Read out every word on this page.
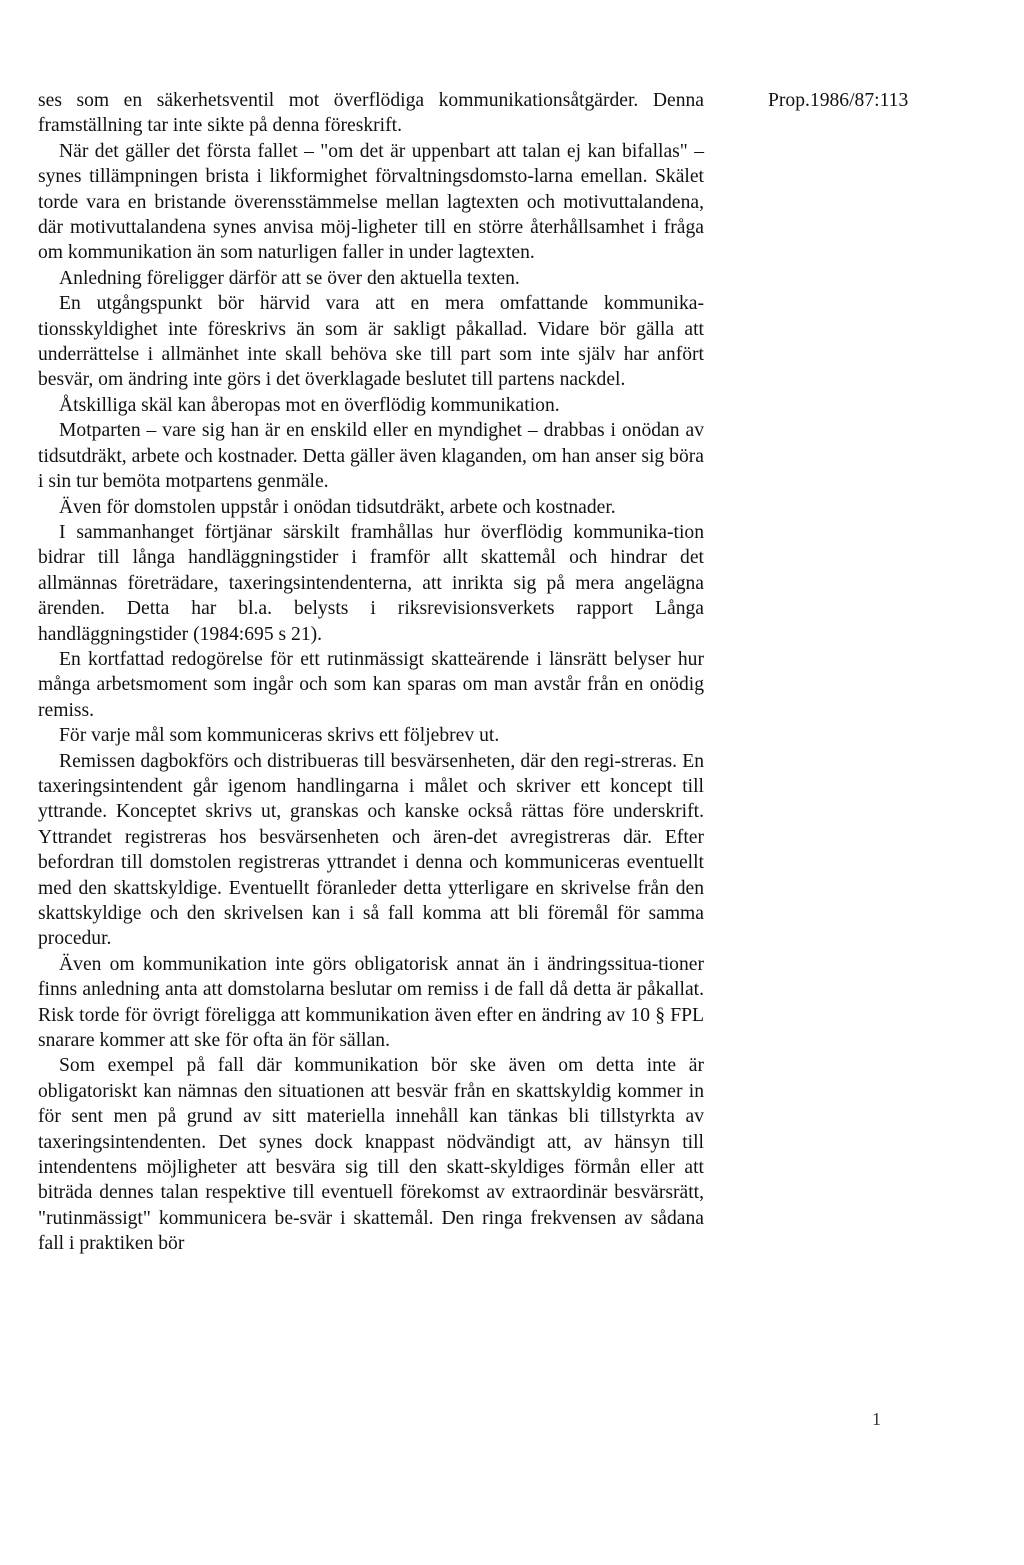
Prop.1986/87:113

ses som en säkerhetsventil mot överflödiga kommunikationsåtgärder. Denna framställning tar inte sikte på denna föreskrift.

När det gäller det första fallet – "om det är uppenbart att talan ej kan bifallas" – synes tillämpningen brista i likformighet förvaltningsdomsto-larna emellan. Skälet torde vara en bristande överensstämmelse mellan lagtexten och motivuttalandena, där motivuttalandena synes anvisa möj-ligheter till en större återhållsamhet i fråga om kommunikation än som naturligen faller in under lagtexten.

Anledning föreligger därför att se över den aktuella texten.

En utgångspunkt bör härvid vara att en mera omfattande kommunika-tionsskyldighet inte föreskrivs än som är sakligt påkallad. Vidare bör gälla att underrättelse i allmänhet inte skall behöva ske till part som inte själv har anfört besvär, om ändring inte görs i det överklagade beslutet till partens nackdel.

Åtskilliga skäl kan åberopas mot en överflödig kommunikation.

Motparten – vare sig han är en enskild eller en myndighet – drabbas i onödan av tidsutdräkt, arbete och kostnader. Detta gäller även klaganden, om han anser sig böra i sin tur bemöta motpartens genmäle.

Även för domstolen uppstår i onödan tidsutdräkt, arbete och kostnader.

I sammanhanget förtjänar särskilt framhållas hur överflödig kommunika-tion bidrar till långa handläggningstider i framför allt skattemål och hindrar det allmännas företrädare, taxeringsintendenterna, att inrikta sig på mera angelägna ärenden. Detta har bl.a. belysts i riksrevisionsverkets rapport Långa handläggningstider (1984:695 s 21).

En kortfattad redogörelse för ett rutinmässigt skatteärende i länsrätt belyser hur många arbetsmoment som ingår och som kan sparas om man avstår från en onödig remiss.

För varje mål som kommuniceras skrivs ett följebrev ut.

Remissen dagbokförs och distribueras till besvärsenheten, där den regi-streras. En taxeringsintendent går igenom handlingarna i målet och skriver ett koncept till yttrande. Konceptet skrivs ut, granskas och kanske också rättas före underskrift. Yttrandet registreras hos besvärsenheten och ären-det avregistreras där. Efter befordran till domstolen registreras yttrandet i denna och kommuniceras eventuellt med den skattskyldige. Eventuellt föranleder detta ytterligare en skrivelse från den skattskyldige och den skrivelsen kan i så fall komma att bli föremål för samma procedur.

Även om kommunikation inte görs obligatorisk annat än i ändringssitua-tioner finns anledning anta att domstolarna beslutar om remiss i de fall då detta är påkallat. Risk torde för övrigt föreligga att kommunikation även efter en ändring av 10 § FPL snarare kommer att ske för ofta än för sällan.

Som exempel på fall där kommunikation bör ske även om detta inte är obligatoriskt kan nämnas den situationen att besvär från en skattskyldig kommer in för sent men på grund av sitt materiella innehåll kan tänkas bli tillstyrkta av taxeringsintendenten. Det synes dock knappast nödvändigt att, av hänsyn till intendentens möjligheter att besvära sig till den skatt-skyldiges förmån eller att biträda dennes talan respektive till eventuell förekomst av extraordinär besvärsrätt, "rutinmässigt" kommunicera be-svär i skattemål. Den ringa frekvensen av sådana fall i praktiken bör

1
